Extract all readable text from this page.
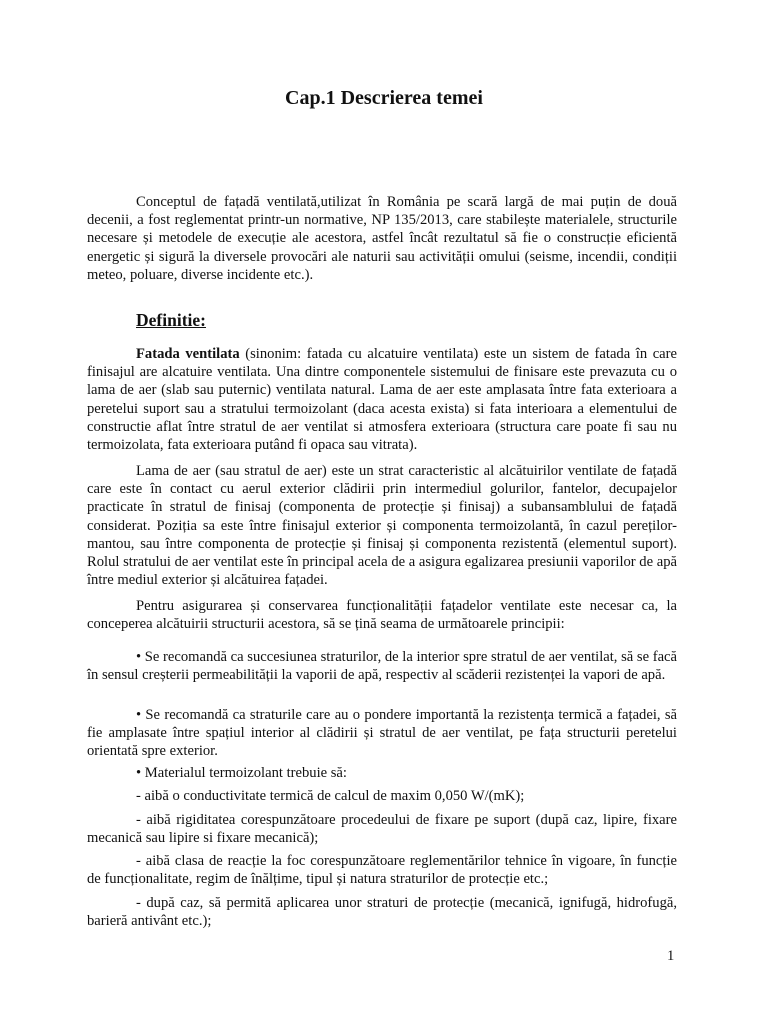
Cap.1 Descrierea temei
Conceptul de fațadă ventilată,utilizat în România pe scară largă de mai puțin de două decenii, a fost reglementat printr-un normative, NP 135/2013, care stabilește materialele, structurile necesare și metodele de execuție ale acestora, astfel încât rezultatul să fie o construcție eficientă energetic și sigură la diversele provocări ale naturii sau activității omului (seisme, incendii, condiții meteo, poluare, diverse incidente etc.).
Definitie:
Fatada ventilata (sinonim: fatada cu alcatuire ventilata) este un sistem de fatada în care finisajul are alcatuire ventilata. Una dintre componentele sistemului de finisare este prevazuta cu o lama de aer (slab sau puternic) ventilata natural. Lama de aer este amplasata între fata exterioara a peretelui suport sau a stratului termoizolant (daca acesta exista) si fata interioara a elementului de constructie aflat între stratul de aer ventilat si atmosfera exterioara (structura care poate fi sau nu termoizolata, fata exterioara putând fi opaca sau vitrata).
Lama de aer (sau stratul de aer) este un strat caracteristic al alcătuirilor ventilate de fațadă care este în contact cu aerul exterior clădirii prin intermediul golurilor, fantelor, decupajelor practicate în stratul de finisaj (componenta de protecție și finisaj) a subansamblului de fațadă considerat. Poziția sa este între finisajul exterior și componenta termoizolantă, în cazul pereților-mantou, sau între componenta de protecție și finisaj și componenta rezistentă (elementul suport). Rolul stratului de aer ventilat este în principal acela de a asigura egalizarea presiunii vaporilor de apă între mediul exterior și alcătuirea fațadei.
Pentru asigurarea și conservarea funcționalității fațadelor ventilate este necesar ca, la conceperea alcătuirii structurii acestora, să se țină seama de următoarele principii:
• Se recomandă ca succesiunea straturilor, de la interior spre stratul de aer ventilat, să se facă în sensul creșterii permeabilității la vaporii de apă, respectiv al scăderii rezistenței la vapori de apă.
• Se recomandă ca straturile care au o pondere importantă la rezistența termică a fațadei, să fie amplasate între spațiul interior al clădirii și stratul de aer ventilat, pe fața structurii peretelui orientată spre exterior.
• Materialul termoizolant trebuie să:
- aibă o conductivitate termică de calcul de maxim 0,050 W/(mK);
- aibă rigiditatea corespunzătoare procedeului de fixare pe suport (după caz, lipire, fixare mecanică sau lipire si fixare mecanică);
- aibă clasa de reacție la foc corespunzătoare reglementărilor tehnice în vigoare, în funcție de funcționalitate, regim de înălțime, tipul și natura straturilor de protecție etc.;
- după caz, să permită aplicarea unor straturi de protecție (mecanică, ignifugă, hidrofugă, barieră antivânt etc.);
1
